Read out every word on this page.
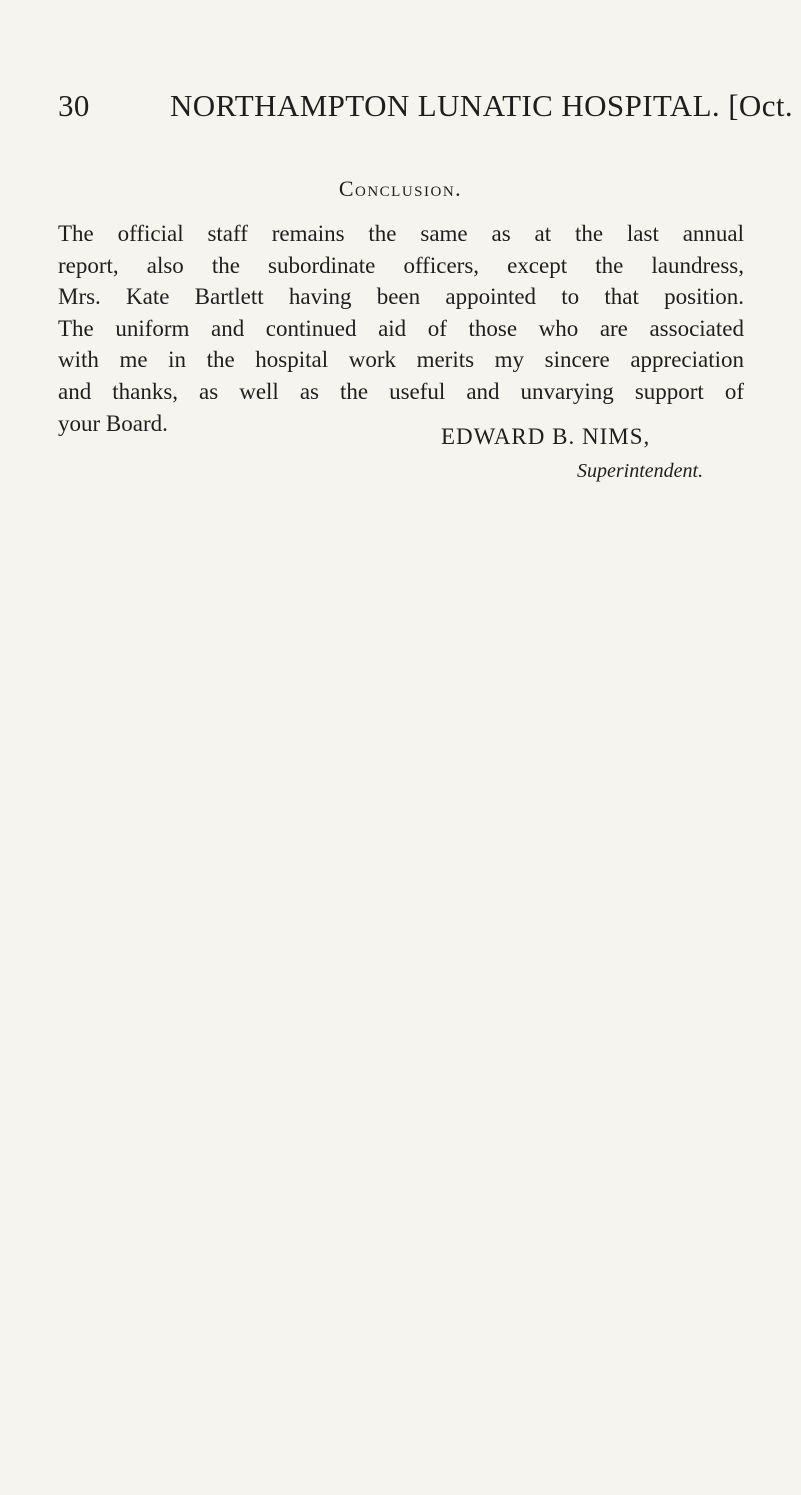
30	NORTHAMPTON LUNATIC HOSPITAL. [Oct.
Conclusion.
The official staff remains the same as at the last annual
report, also the subordinate officers, except the laundress,
Mrs. Kate Bartlett having been appointed to that position.
The uniform and continued aid of those who are associated
with me in the hospital work merits my sincere appreciation
and thanks, as well as the useful and unvarying support of
your Board.
EDWARD B. NIMS,
Superintendent.
